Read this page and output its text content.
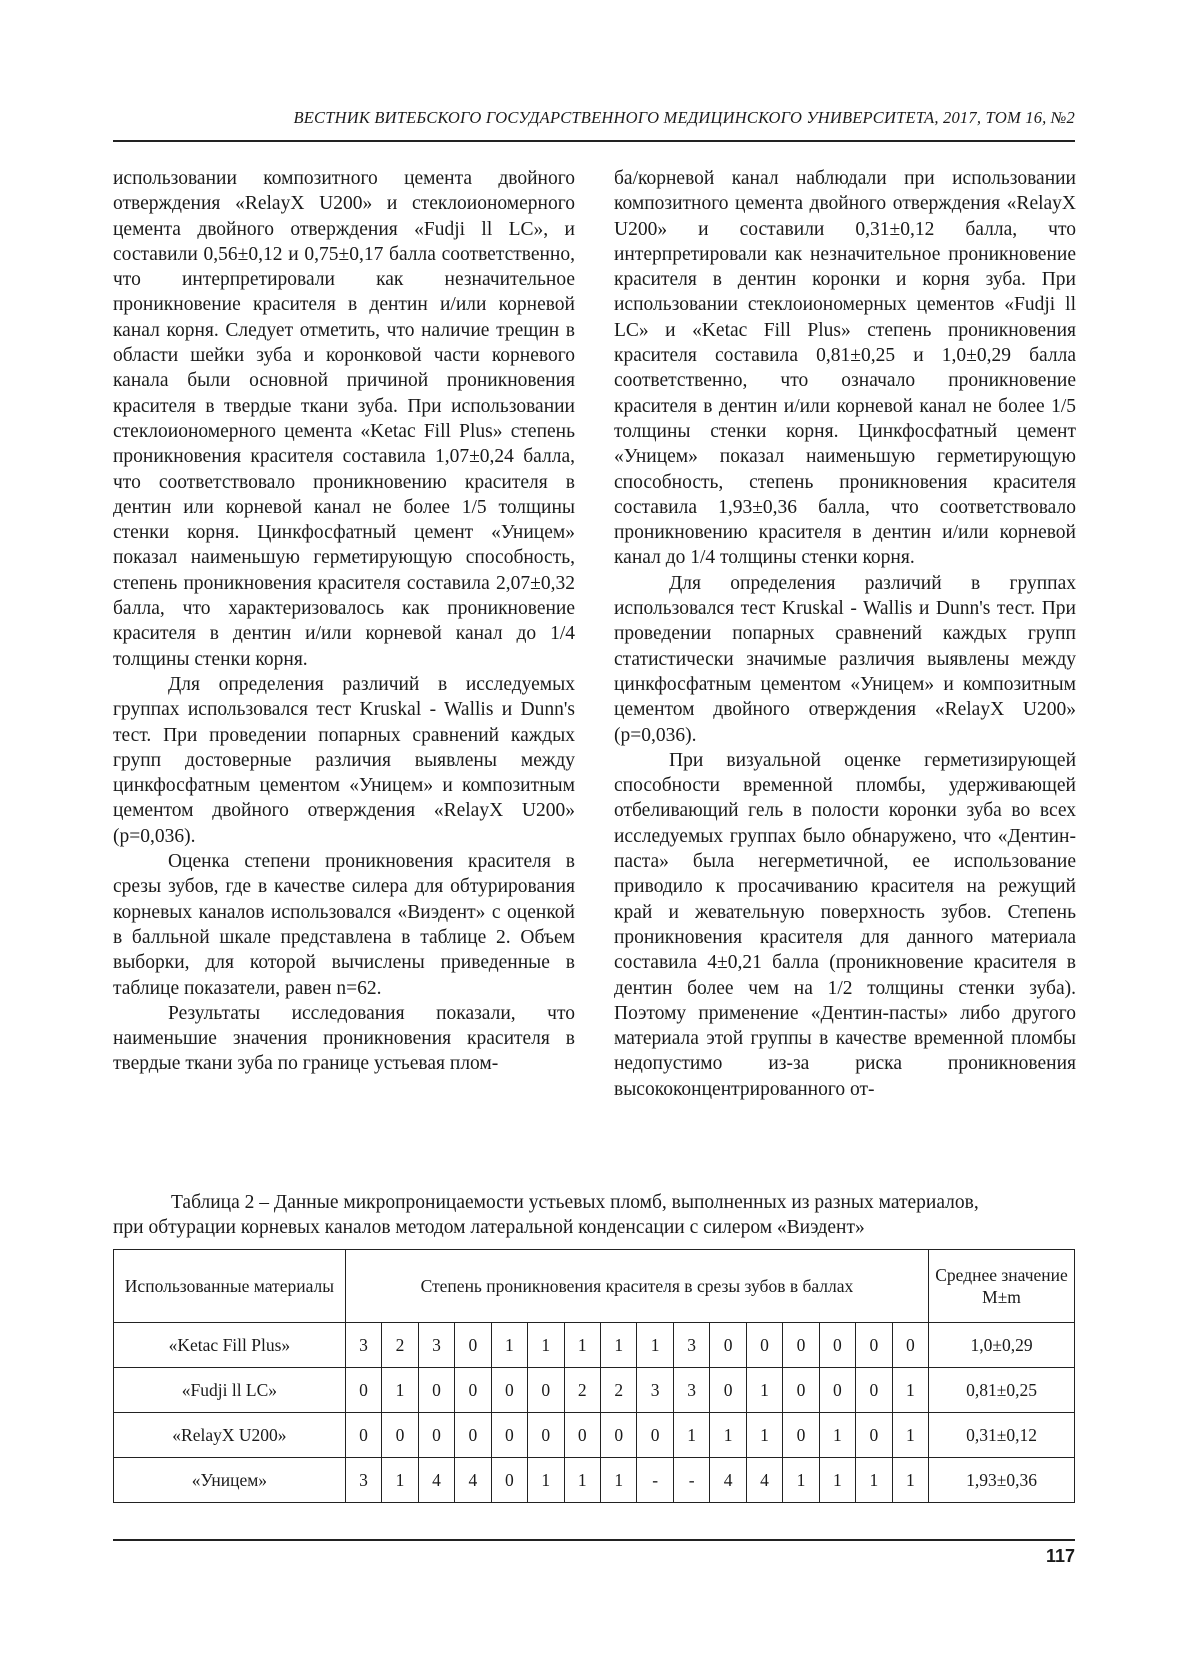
ВЕСТНИК ВИТЕБСКОГО ГОСУДАРСТВЕННОГО МЕДИЦИНСКОГО УНИВЕРСИТЕТА, 2017, ТОМ 16, №2

использовании композитного цемента двойного отверждения «RelayX U200» и стеклоиономерного цемента двойного отверждения «Fudji ll LC», и составили 0,56±0,12 и 0,75±0,17 балла соответственно, что интерпретировали как незначительное проникновение красителя в дентин и/или корневой канал корня. Следует отметить, что наличие трещин в области шейки зуба и коронковой части корневого канала были основной причиной проникновения красителя в твердые ткани зуба. При использовании стеклоиономерного цемента «Ketac Fill Plus» степень проникновения красителя составила 1,07±0,24 балла, что соответствовало проникновению красителя в дентин или корневой канал не более 1/5 толщины стенки корня. Цинкфосфатный цемент «Уницем» показал наименьшую герметирующую способность, степень проникновения красителя составила 2,07±0,32 балла, что характеризовалось как проникновение красителя в дентин и/или корневой канал до 1/4 толщины стенки корня.

Для определения различий в исследуемых группах использовался тест Kruskal - Wallis и Dunn's тест. При проведении попарных сравнений каждых групп достоверные различия выявлены между цинкфосфатным цементом «Уницем» и композитным цементом двойного отверждения «RelayX U200» (p=0,036).

Оценка степени проникновения красителя в срезы зубов, где в качестве силера для обтурирования корневых каналов использовался «Виэдент» с оценкой в балльной шкале представлена в таблице 2. Объем выборки, для которой вычислены приведенные в таблице показатели, равен n=62.

Результаты исследования показали, что наименьшие значения проникновения красителя в твердые ткани зуба по границе устьевая плом-

ба/корневой канал наблюдали при использовании композитного цемента двойного отверждения «RelayX U200» и составили 0,31±0,12 балла, что интерпретировали как незначительное проникновение красителя в дентин коронки и корня зуба. При использовании стеклоиономерных цементов «Fudji ll LC» и «Ketac Fill Plus» степень проникновения красителя составила 0,81±0,25 и 1,0±0,29 балла соответственно, что означало проникновение красителя в дентин и/или корневой канал не более 1/5 толщины стенки корня. Цинкфосфатный цемент «Уницем» показал наименьшую герметирующую способность, степень проникновения красителя составила 1,93±0,36 балла, что соответствовало проникновению красителя в дентин и/или корневой канал до 1/4 толщины стенки корня.

Для определения различий в группах использовался тест Kruskal - Wallis и Dunn's тест. При проведении попарных сравнений каждых групп статистически значимые различия выявлены между цинкфосфатным цементом «Уницем» и композитным цементом двойного отверждения «RelayX U200» (p=0,036).

При визуальной оценке герметизирующей способности временной пломбы, удерживающей отбеливающий гель в полости коронки зуба во всех исследуемых группах было обнаружено, что «Дентин-паста» была негерметичной, ее использование приводило к просачиванию красителя на режущий край и жевательную поверхность зубов. Степень проникновения красителя для данного материала составила 4±0,21 балла (проникновение красителя в дентин более чем на 1/2 толщины стенки зуба). Поэтому применение «Дентин-пасты» либо другого материала этой группы в качестве временной пломбы недопустимо из-за риска проникновения высококонцентрированного от-

Таблица 2 – Данные микропроницаемости устьевых пломб, выполненных из разных материалов,
при обтурации корневых каналов методом латеральной конденсации с силером «Виэдент»
Использованные материалы	Степень проникновения красителя в срезы зубов в баллах																Среднее значение M±m
«Ketac Fill Plus»	3	2	3	0	1	1	1	1	1	3	0	0	0	0	0	0	1,0±0,29
«Fudji ll LC»	0	1	0	0	0	0	2	2	3	3	0	1	0	0	0	1	0,81±0,25
«RelayX U200»	0	0	0	0	0	0	0	0	0	1	1	1	0	1	0	1	0,31±0,12
«Уницем»	3	1	4	4	0	1	1	1	-	-	4	4	1	1	1	1	1,93±0,36
117
